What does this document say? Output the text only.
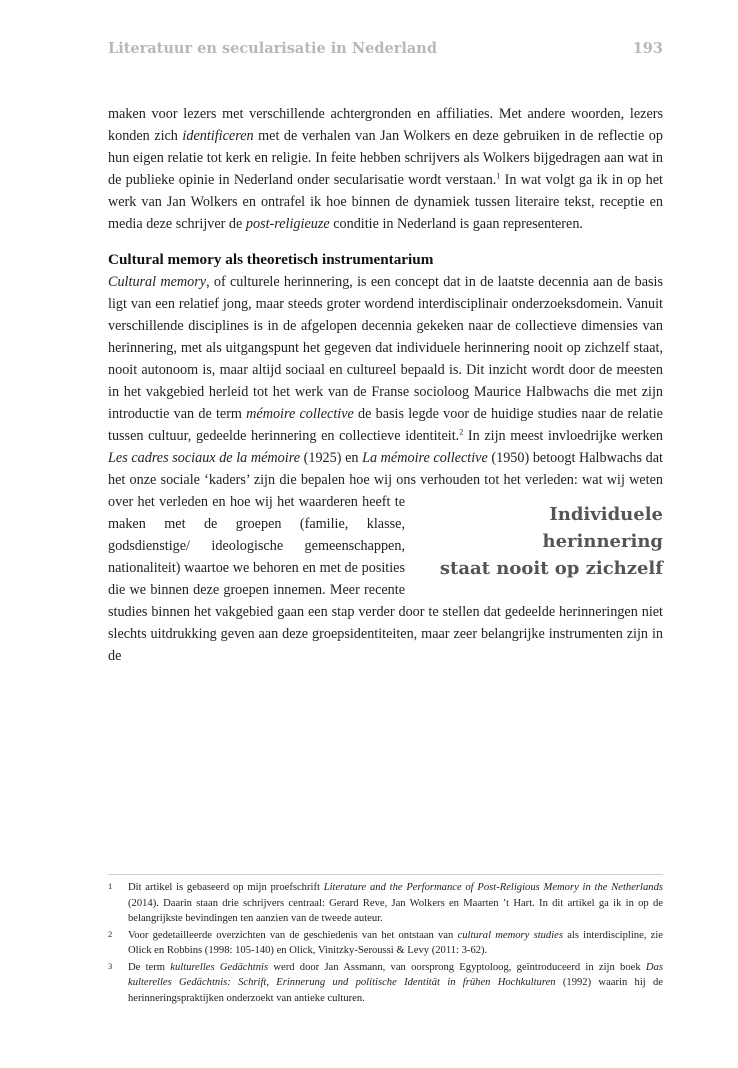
Literatuur en secularisatie in Nederland	193

maken voor lezers met verschillende achtergronden en affiliaties. Met andere woorden, lezers konden zich identificeren met de verhalen van Jan Wolkers en deze gebruiken in de reflectie op hun eigen relatie tot kerk en religie. In feite hebben schrijvers als Wolkers bijgedragen aan wat in de publieke opinie in Nederland onder secularisatie wordt verstaan.$^1$ In wat volgt ga ik in op het werk van Jan Wolkers en ontrafel ik hoe binnen de dynamiek tussen literaire tekst, receptie en media deze schrijver de post-religieuze conditie in Nederland is gaan representeren.

Cultural memory als theoretisch instrumentarium

Cultural memory, of culturele herinnering, is een concept dat in de laatste decennia aan de basis ligt van een relatief jong, maar steeds groter wordend interdisciplinair onderzoeksdomein. Vanuit verschillende disciplines is in de afgelopen decennia gekeken naar de collectieve dimensies van herinnering, met als uitgangspunt het gegeven dat individuele herinnering nooit op zichzelf staat, nooit autonoom is, maar altijd sociaal en cultureel bepaald is. Dit inzicht wordt door de meesten in het vakgebied herleid tot het werk van de Franse socioloog Maurice Halbwachs die met zijn introductie van de term mémoire collective de basis legde voor de huidige studies naar de relatie tussen cultuur, gedeelde herinnering en collectieve identiteit.$^2$ In zijn meest invloedrijke werken Les cadres sociaux de la mémoire (1925) en La mémoire collective (1950) betoogt Halbwachs dat het onze sociale ‘kaders’ zijn die bepalen hoe wij ons verhouden tot het verleden: wat wij weten over het
Individuele herinnering
staat nooit op zichzelf
verleden en hoe wij het waarderen heeft te maken met de groepen (familie, klasse, godsdienstige/ ideologische gemeenschappen, nationaliteit) waartoe we behoren en met de posities die we binnen deze groepen innemen. Meer recente studies binnen het vakgebied gaan een stap verder door te stellen dat gedeelde herinneringen niet slechts uitdrukking geven aan deze groepsidentiteiten, maar zeer belangrijke instrumenten zijn in de

1	Dit artikel is gebaseerd op mijn proefschrift Literature and the Performance of Post-Religious Memory in the Netherlands (2014). Daarin staan drie schrijvers centraal: Gerard Reve, Jan Wolkers en Maarten ’t Hart. In dit artikel ga ik in op de belangrijkste bevindingen ten aanzien van de tweede auteur.
2	Voor gedetailleerde overzichten van de geschiedenis van het ontstaan van cultural memory studies als interdiscipline, zie Olick en Robbins (1998: 105-140) en Olick, Vinitzky-Seroussi & Levy (2011: 3-62).
3	De term kulturelles Gedächtnis werd door Jan Assmann, van oorsprong Egyptoloog, geïntroduceerd in zijn boek Das kulterelles Gedächtnis: Schrift, Erinnerung und politische Identität in frühen Hochkulturen (1992) waarin hij de herinneringspraktijken onderzoekt van antieke culturen.
